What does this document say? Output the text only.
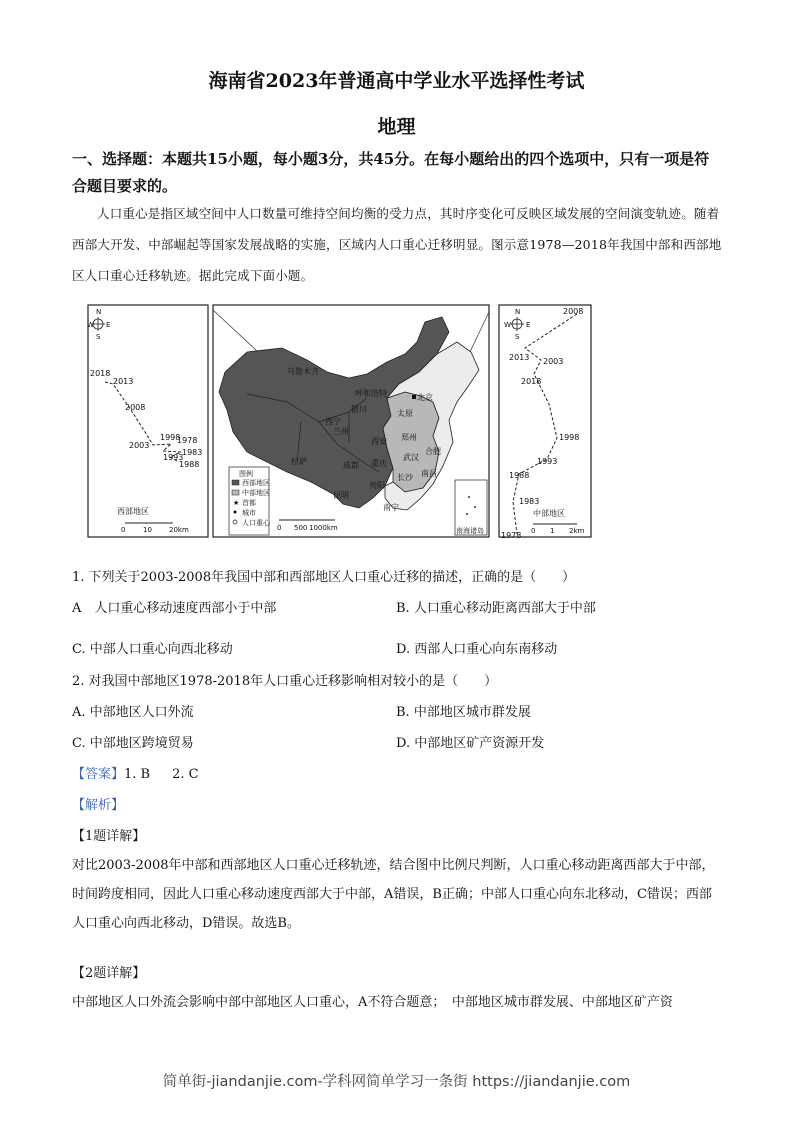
海南省2023年普通高中学业水平选择性考试
地理
一、选择题：本题共15小题，每小题3分，共45分。在每小题给出的四个选项中，只有一项是符合题目要求的。
人口重心是指区域空间中人口数量可维持空间均衡的受力点，其时序变化可反映区域发展的空间演变轨迹。随着西部大开发、中部崛起等国家发展战略的实施，区域内人口重心迁移明显。图示意1978—2018年我国中部和西部地区人口重心迁移轨迹。据此完成下面小题。
N
W E
S
2018
2013
2008
2003
1998
1978
1993
1983
1988
西部地区
0	10 20km
乌鲁木齐
呼和浩特
银川
西宁
兰州
拉萨	成都 重庆
贵阳
昆明
南宁
郑州
西安
太原
北京
合肥
武汉
长沙 南昌
图例
西部地区
中部地区
★ 首都
城市
人口重心
0 500 1000km	南海诸岛
N
W E
S
2008
2013 2003
2018
1998
1993
1988
1983
1978
中部地区
0 1 2km
1. 下列关于2003-2008年我国中部和西部地区人口重心迁移的描述，正确的是（　　）
A　人口重心移动速度西部小于中部	B. 人口重心移动距离西部大于中部
C. 中部人口重心向西北移动	D. 西部人口重心向东南移动
2. 对我国中部地区1978-2018年人口重心迁移影响相对较小的是（　　）
A. 中部地区人口外流	B. 中部地区城市群发展
C. 中部地区跨境贸易	D. 中部地区矿产资源开发
【答案】1. B 2. C
【解析】
【1题详解】
对比2003-2008年中部和西部地区人口重心迁移轨迹，结合图中比例尺判断，人口重心移动距离西部大于中部，时间跨度相同，因此人口重心移动速度西部大于中部，A错误，B正确；中部人口重心向东北移动，C错误；西部人口重心向西北移动，D错误。故选B。
【2题详解】
中部地区人口外流会影响中部中部地区人口重心，A不符合题意；　中部地区城市群发展、中部地区矿产资
简单街-jiandanjie.com-学科网简单学习一条街 https://jiandanjie.com
